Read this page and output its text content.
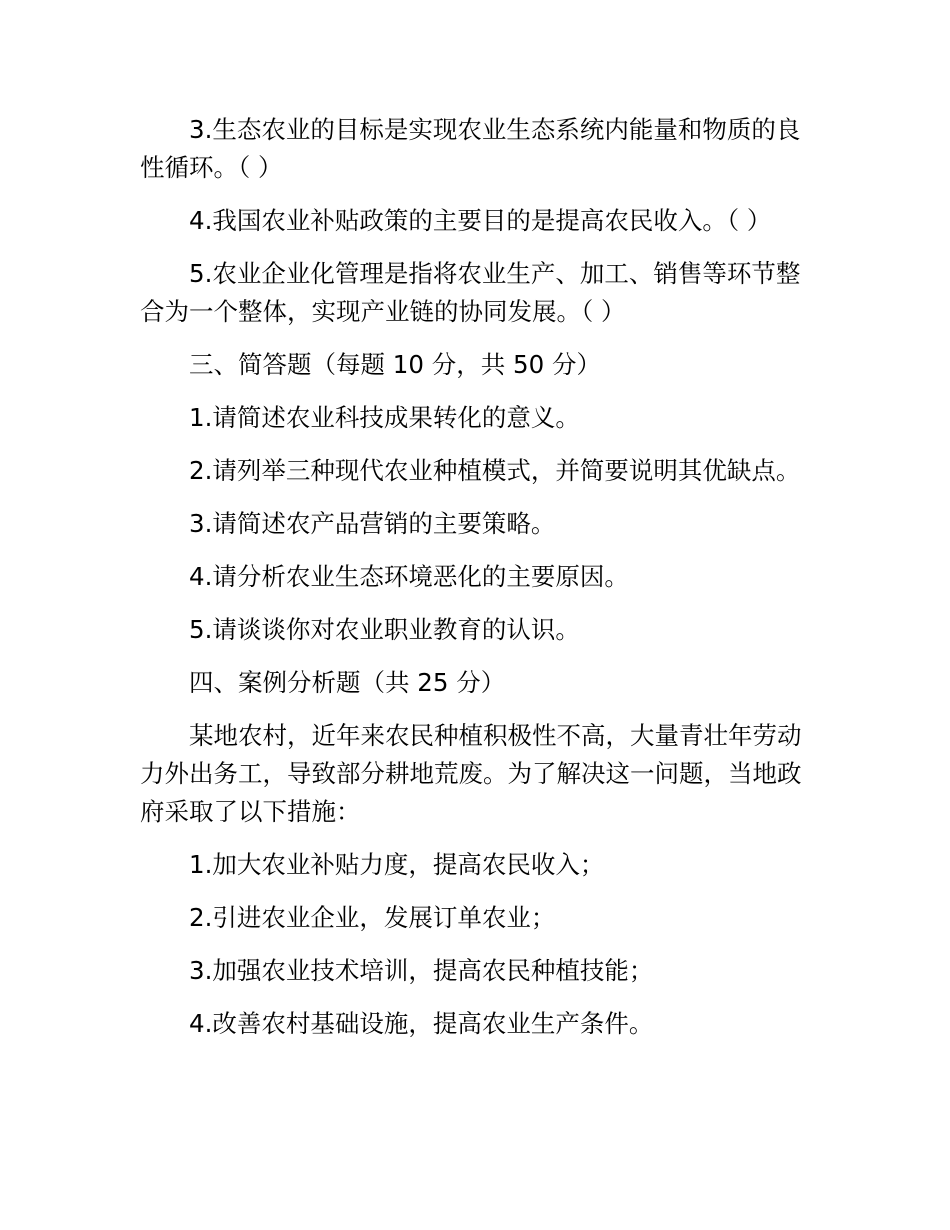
3.生态农业的目标是实现农业生态系统内能量和物质的良性循环。（ ）

4.我国农业补贴政策的主要目的是提高农民收入。（ ）

5.农业企业化管理是指将农业生产、加工、销售等环节整合为一个整体，实现产业链的协同发展。（ ）

三、简答题（每题 10 分，共 50 分）

1.请简述农业科技成果转化的意义。

2.请列举三种现代农业种植模式，并简要说明其优缺点。

3.请简述农产品营销的主要策略。

4.请分析农业生态环境恶化的主要原因。

5.请谈谈你对农业职业教育的认识。

四、案例分析题（共 25 分）

某地农村，近年来农民种植积极性不高，大量青壮年劳动力外出务工，导致部分耕地荒废。为了解决这一问题，当地政府采取了以下措施：

1.加大农业补贴力度，提高农民收入；

2.引进农业企业，发展订单农业；

3.加强农业技术培训，提高农民种植技能；

4.改善农村基础设施，提高农业生产条件。
